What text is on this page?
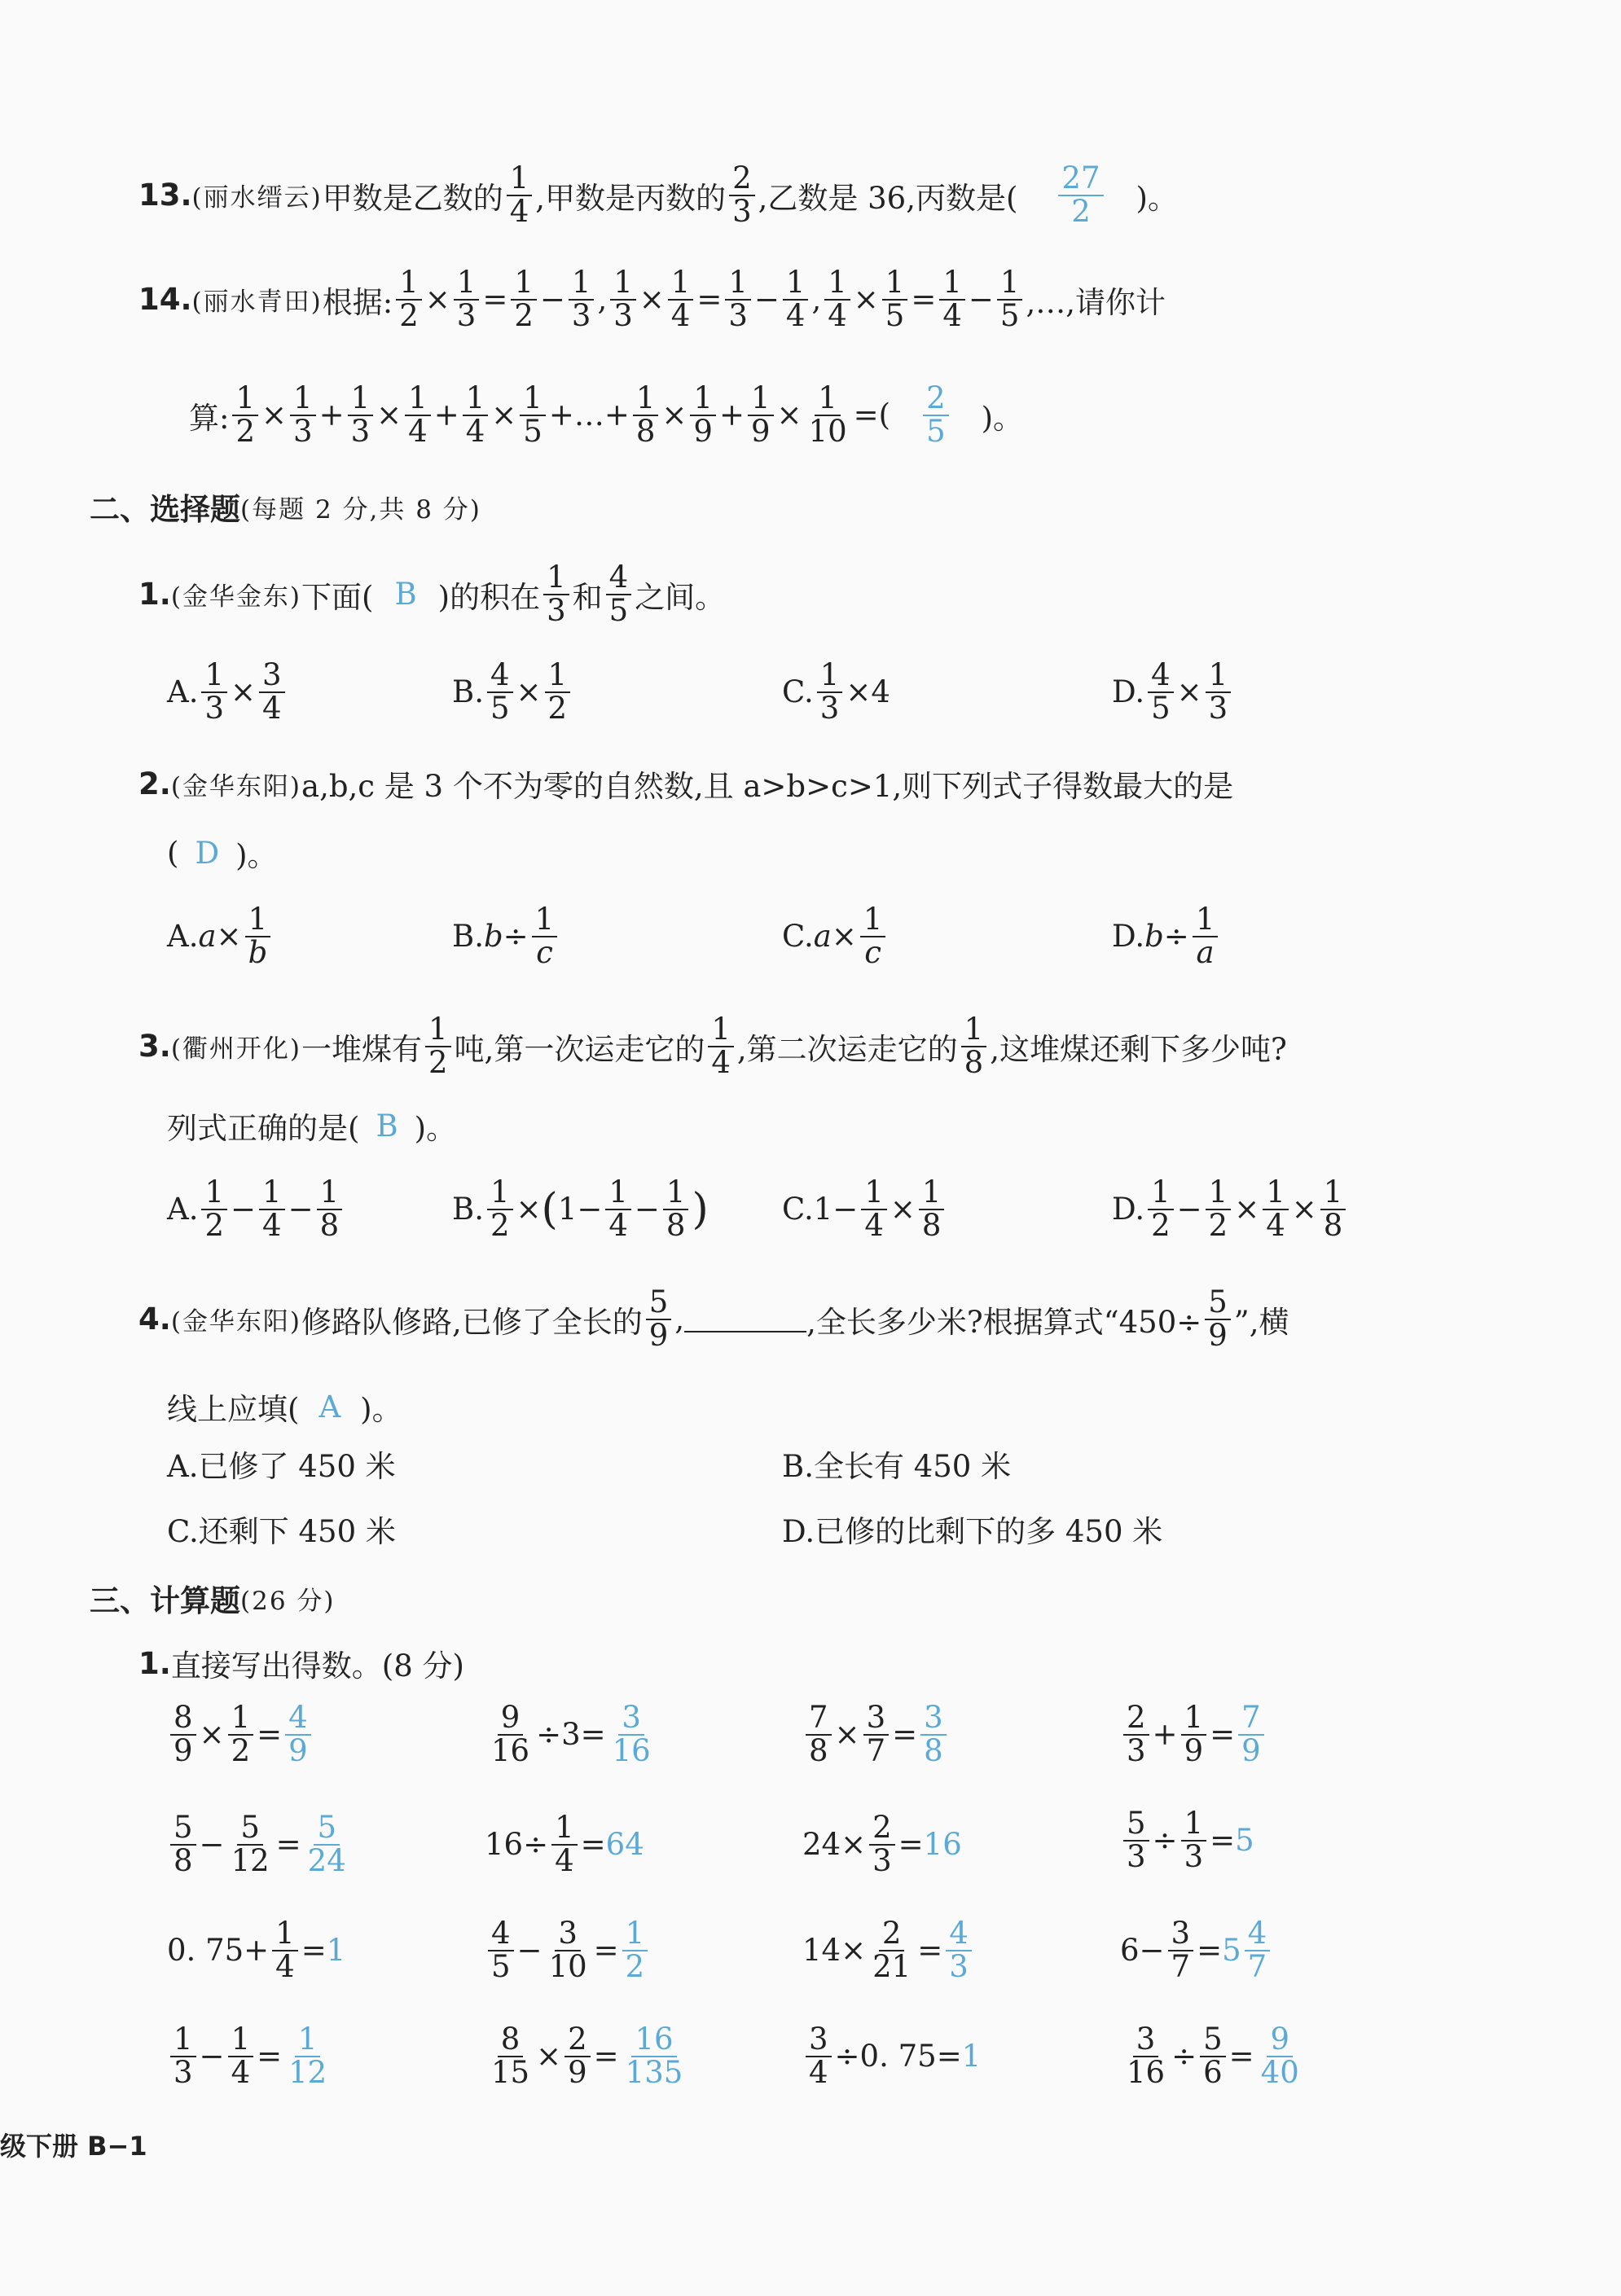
13. (丽水缙云) 甲数是乙数的 $\frac{1}{4}$ ,甲数是丙数的 $\frac{2}{3}$ ,乙数是 36,丙数是( $\frac{27}{2}$ )。
14. (丽水青田) 根据: $\frac{1}{2} \times \frac{1}{3} = \frac{1}{2} - \frac{1}{3}$ , $\frac{1}{3} \times \frac{1}{4} = \frac{1}{3} - \frac{1}{4}$ , $\frac{1}{4} \times \frac{1}{5} = \frac{1}{4} - \frac{1}{5}$ ,…,请你计
算: $\frac{1}{2} \times \frac{1}{3} + \frac{1}{3} \times \frac{1}{4} + \frac{1}{4} \times \frac{1}{5}$ +…+ $\frac{1}{8} \times \frac{1}{9} + \frac{1}{9} \times \frac{1}{10}$ =( $\frac{2}{5}$ )。
二、选择题 (每题 2 分,共 8 分)
1. (金华金东) 下面( B )的积在 $\frac{1}{3}$ 和 $\frac{4}{5}$ 之间。
A. $\frac{1}{3} \times \frac{3}{4}$	B. $\frac{4}{5} \times \frac{1}{2}$	C. $\frac{1}{3} \times 4$	D. $\frac{4}{5} \times \frac{1}{3}$
2. (金华东阳) a,b,c 是 3 个不为零的自然数,且 a>b>c>1,则下列式子得数最大的是
( D )。
A. $a \times \frac{1}{b}$	B. $b \div \frac{1}{c}$	C. $a \times \frac{1}{c}$	D. $b \div \frac{1}{a}$
3. (衢州开化) 一堆煤有 $\frac{1}{2}$ 吨,第一次运走它的 $\frac{1}{4}$ ,第二次运走它的 $\frac{1}{8}$ ,这堆煤还剩下多少吨?
列式正确的是( B )。
A. $\frac{1}{2} - \frac{1}{4} - \frac{1}{8}$	B. $\frac{1}{2}$ × ( $1- \frac{1}{4} - \frac{1}{8}$ ) $C.1 - \frac{1}{4} \times \frac{1}{8}$	D. $\frac{1}{2} - \frac{1}{2} \times \frac{1}{4} \times \frac{1}{8}$
4. (金华东阳) 修路队修路,已修了全长的 $\frac{5}{9}$ ,	,全长多少米?根据算式“$450\div \frac{5}{9}$ ”,横
线上应填( A )。
A.已修了 450 米	B.全长有 450 米
C.还剩下 450 米	D.已修的比剩下的多 450 米
三、计算题 (26 分)
1. 直接写出得数。(8 分)
$\frac{8}{9} \times \frac{1}{2} = \frac{4}{9}$	$\frac{9}{16} \div 3= \frac{3}{16}$	$\frac{7}{8} \times \frac{3}{7} = \frac{3}{8}$	$\frac{2}{3} + \frac{1}{9} = \frac{7}{9}$
$\frac{5}{8} - \frac{5}{12} = \frac{5}{24}$	$16\div \frac{1}{4} = 64$	$24\times \frac{2}{3} = 16$	$\frac{5}{3} \div \frac{1}{3} = 5$
0. $75+ \frac{1}{4} = 1$	$\frac{4}{5} - \frac{3}{10} = \frac{1}{2}$	$14\times \frac{2}{21} = \frac{4}{3}$	$6- \frac{3}{7} = 5 \frac{4}{7}$
$\frac{1}{3} - \frac{1}{4} = \frac{1}{12}$	$\frac{8}{15} \times \frac{2}{9} = \frac{16}{135}$	$\frac{3}{4} \div 0$. 75 = 1	$\frac{3}{16} \div \frac{5}{6} = \frac{9}{40}$
级下册 B−1
